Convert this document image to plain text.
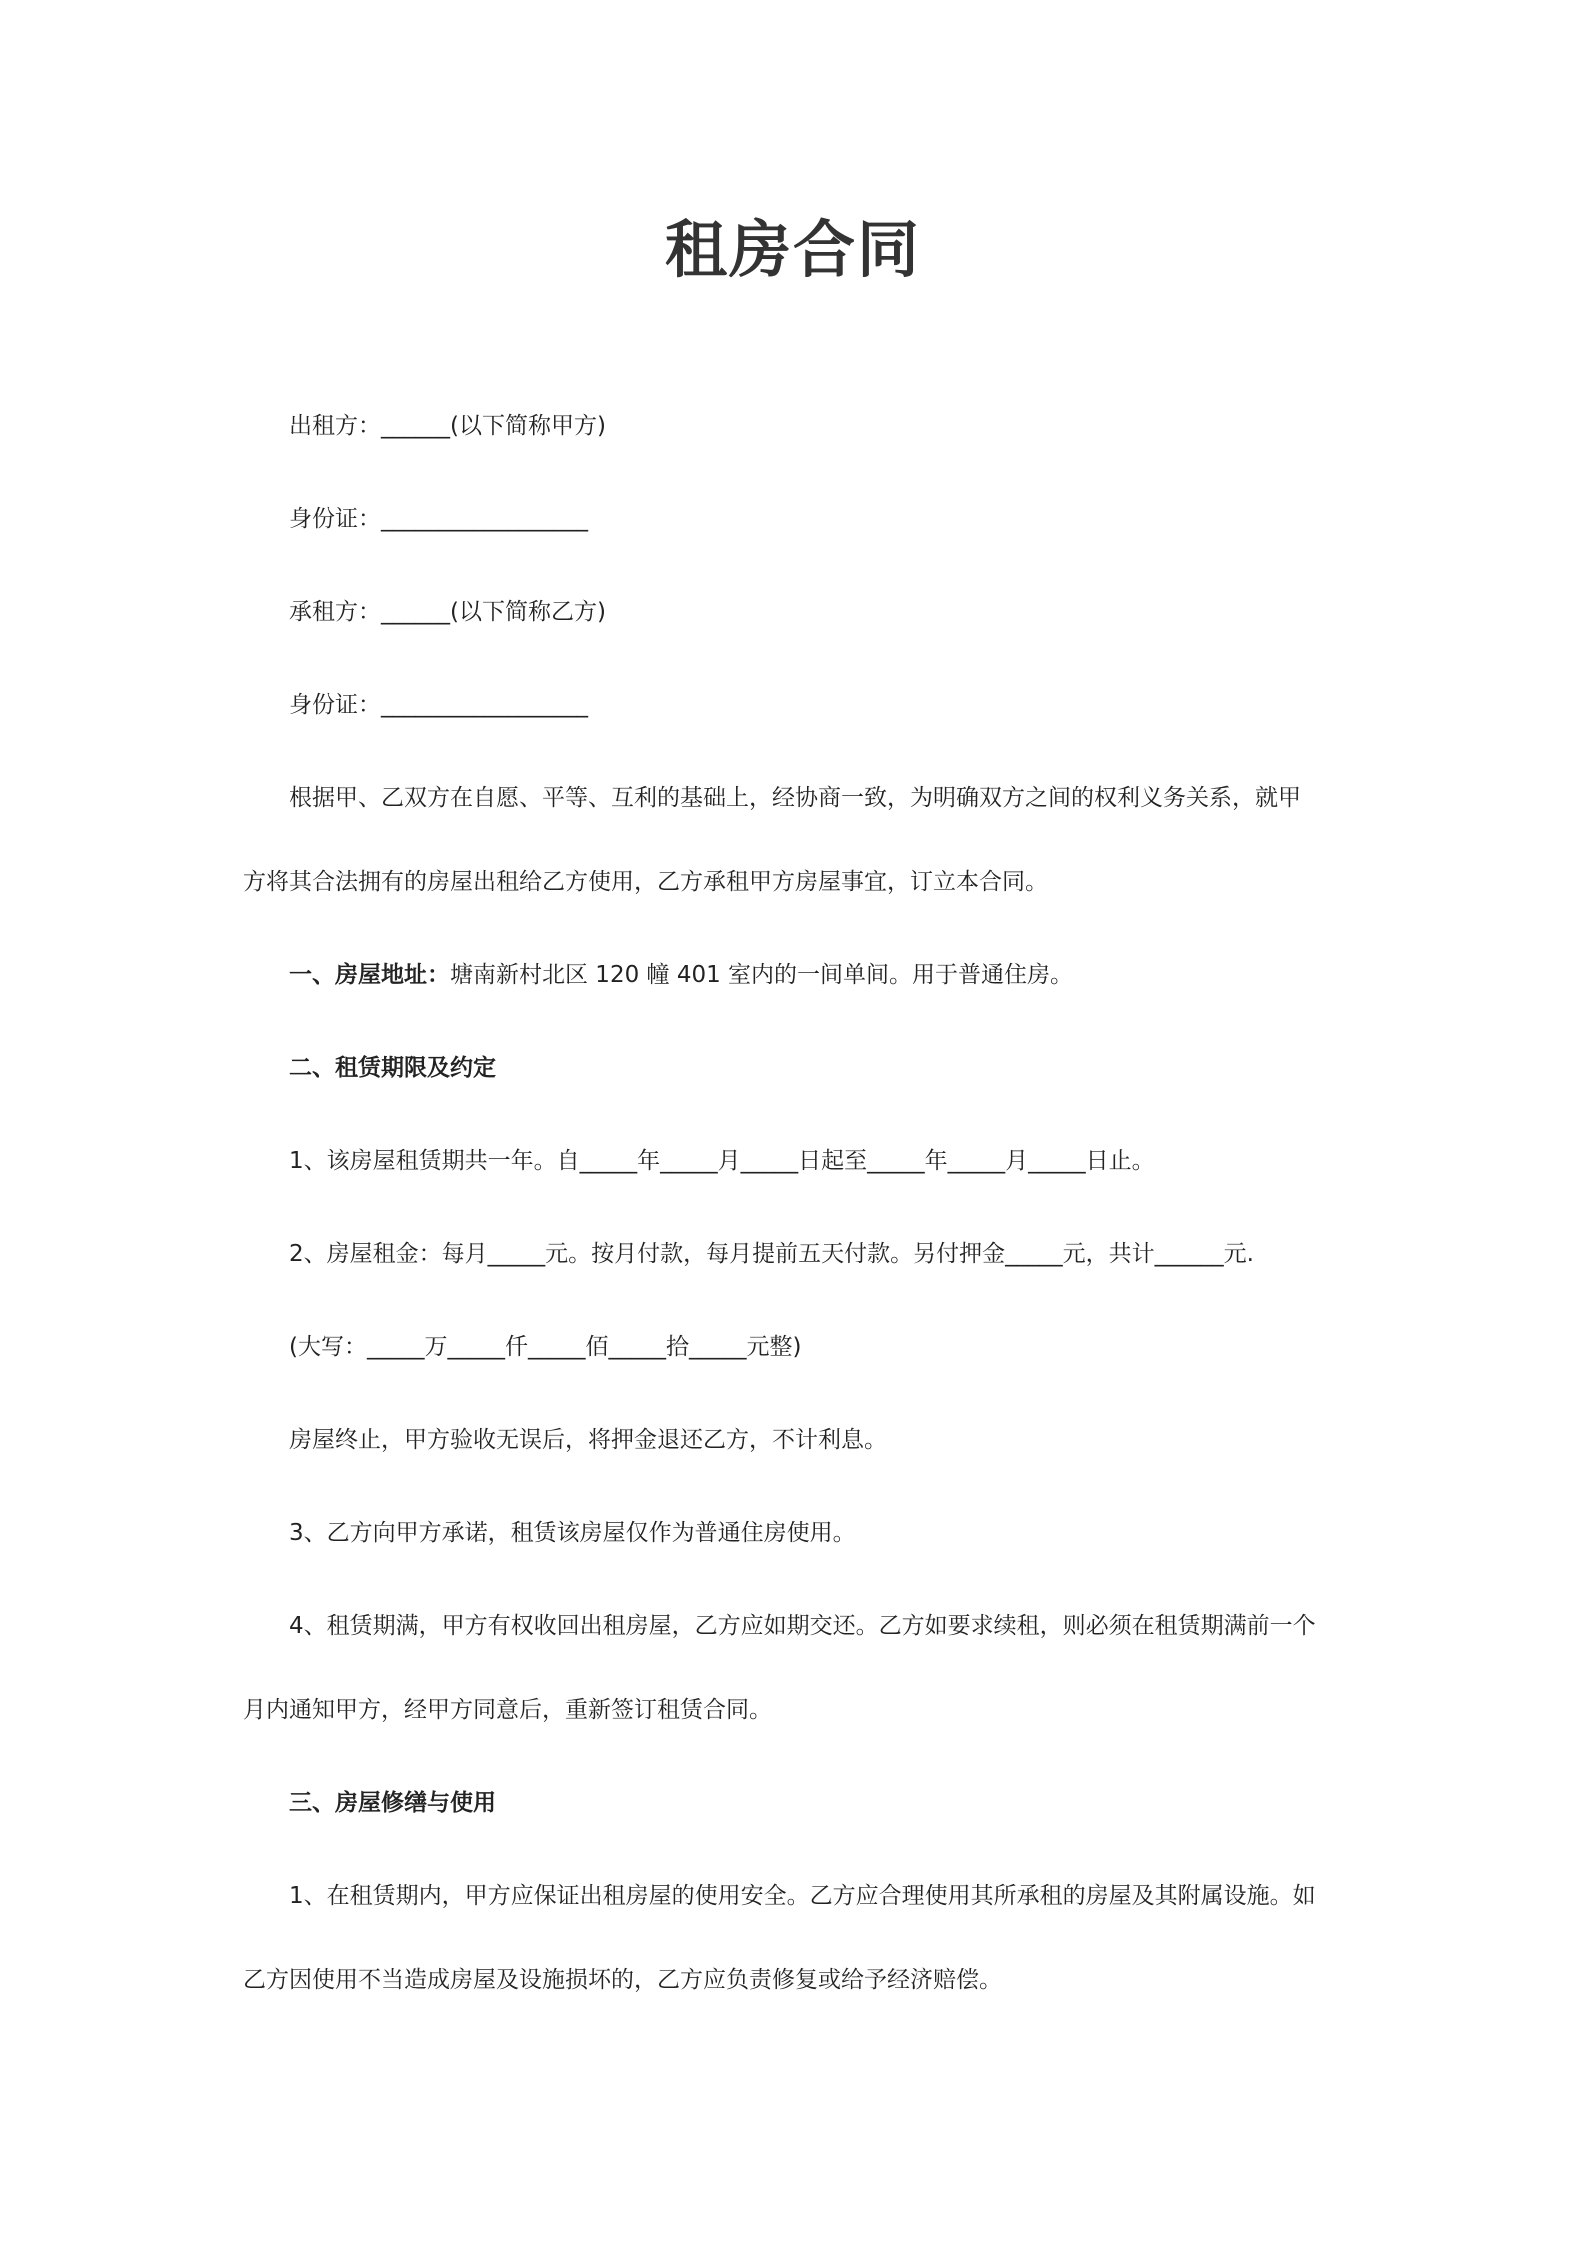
租房合同

出租方：______(以下简称甲方)

身份证：__________________

承租方：______(以下简称乙方)

身份证：__________________

根据甲、乙双方在自愿、平等、互利的基础上，经协商一致，为明确双方之间的权利义务关系，就甲

方将其合法拥有的房屋出租给乙方使用，乙方承租甲方房屋事宜，订立本合同。

一、房屋地址：塘南新村北区 120 幢 401 室内的一间单间。用于普通住房。

二、租赁期限及约定

1、该房屋租赁期共一年。自_____年_____月_____日起至_____年_____月_____日止。

2、房屋租金：每月_____元。按月付款，每月提前五天付款。另付押金_____元，共计______元.

(大写：_____万_____仟_____佰_____拾_____元整)

房屋终止，甲方验收无误后，将押金退还乙方，不计利息。

3、乙方向甲方承诺，租赁该房屋仅作为普通住房使用。

4、租赁期满，甲方有权收回出租房屋，乙方应如期交还。乙方如要求续租，则必须在租赁期满前一个

月内通知甲方，经甲方同意后，重新签订租赁合同。

三、房屋修缮与使用

1、在租赁期内，甲方应保证出租房屋的使用安全。乙方应合理使用其所承租的房屋及其附属设施。如

乙方因使用不当造成房屋及设施损坏的，乙方应负责修复或给予经济赔偿。
